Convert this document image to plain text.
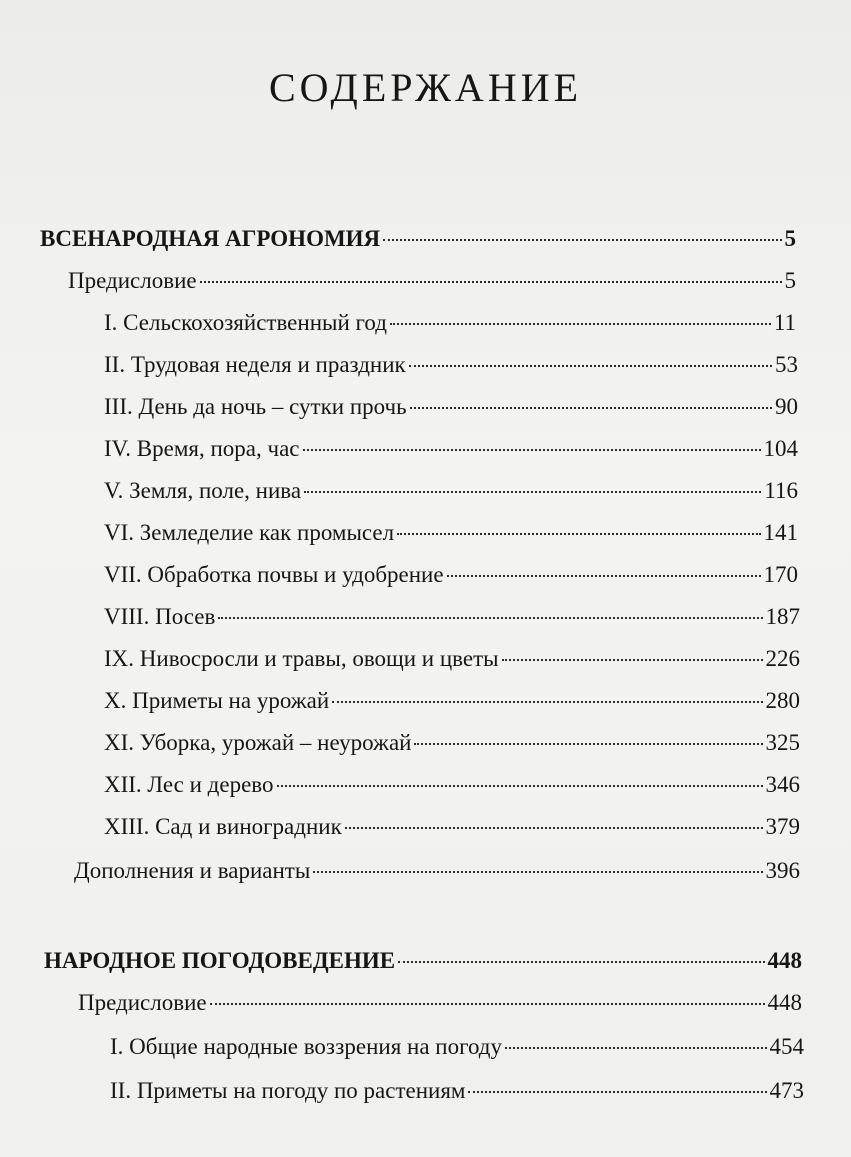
СОДЕРЖАНИЕ
ВСЕНАРОДНАЯ АГРОНОМИЯ	5
Предисловие	5
I. Сельскохозяйственный год	11
II. Трудовая неделя и праздник	53
III. День да ночь – сутки прочь	90
IV. Время, пора, час	104
V. Земля, поле, нива	116
VI. Земледелие как промысел	141
VII. Обработка почвы и удобрение	170
VIII. Посев	187
IX. Нивоcросли и травы, овощи и цветы	226
X. Приметы на урожай	280
XI. Уборка, урожай – неурожай	325
XII. Лес и дерево	346
XIII. Сад и виноградник	379
Дополнения и варианты	396
НАРОДНОЕ ПОГОДОВЕДЕНИЕ	448
Предисловие	448
I. Общие народные воззрения на погоду	454
II. Приметы на погоду по растениям	473
